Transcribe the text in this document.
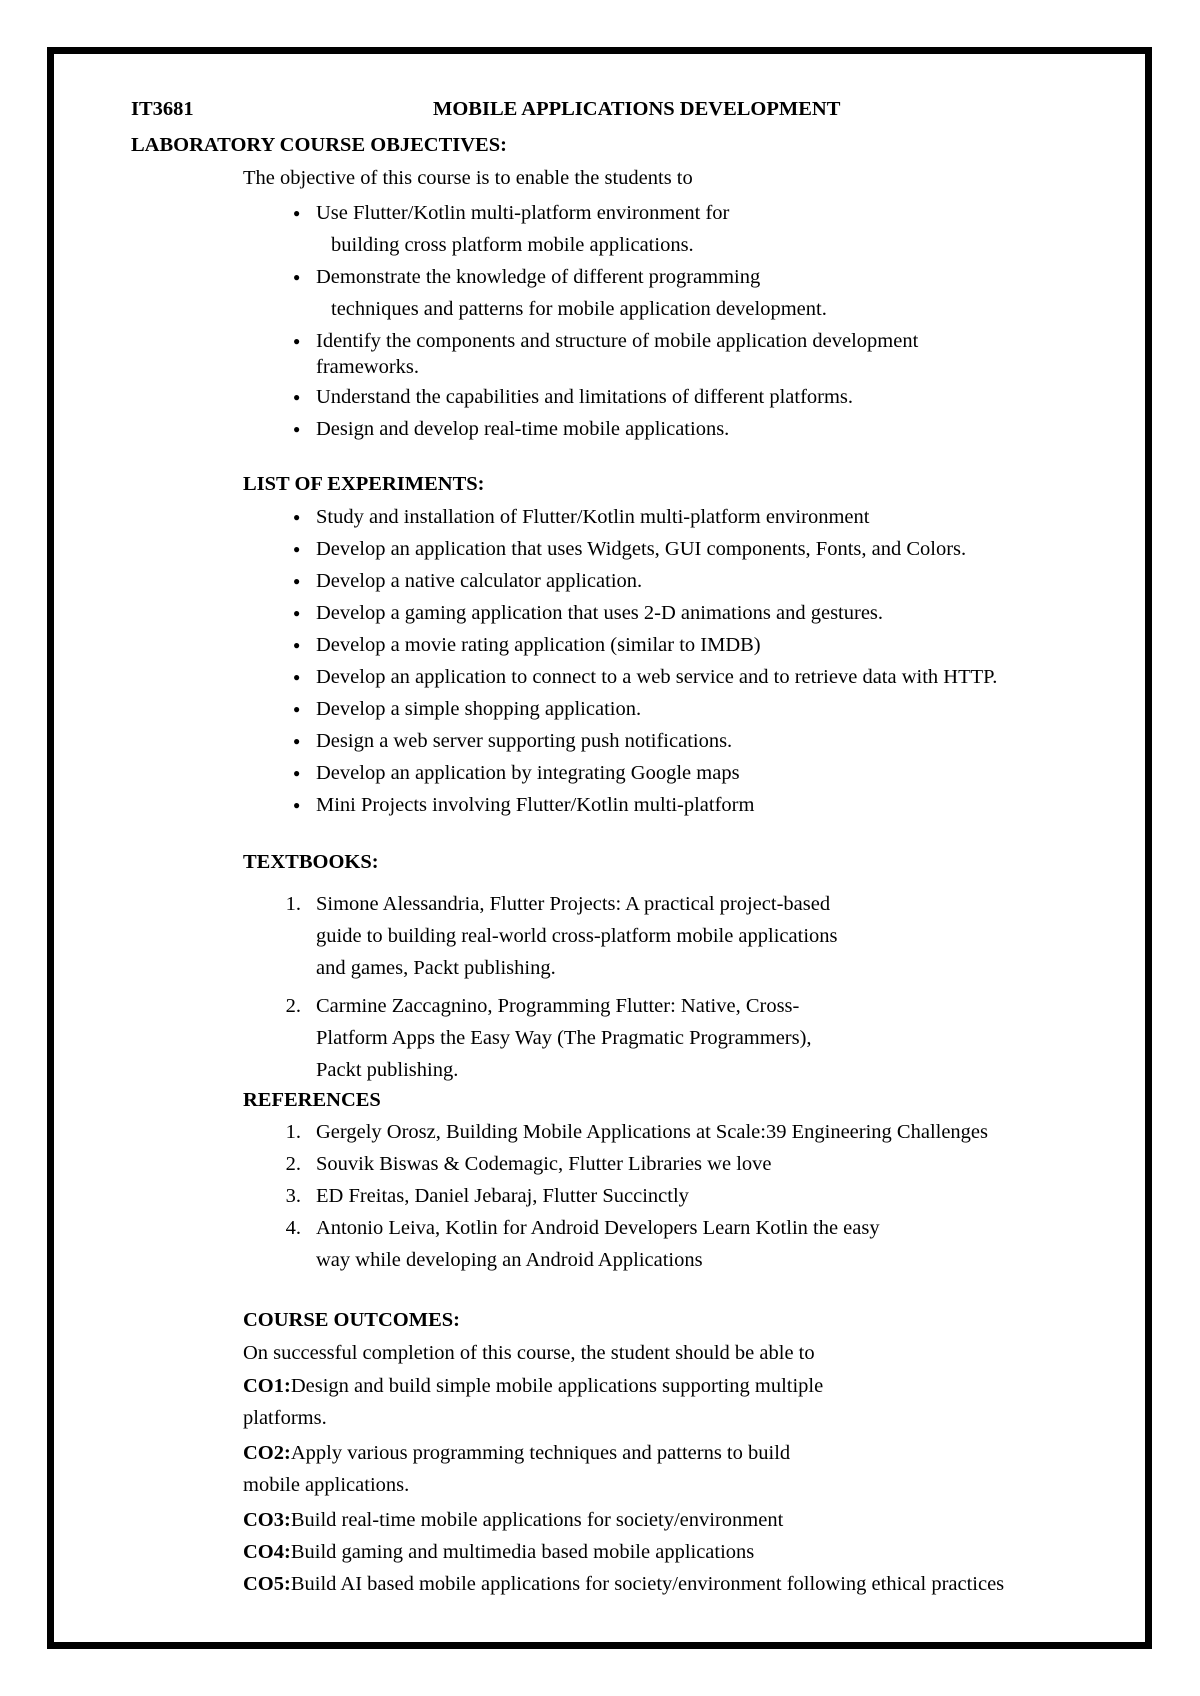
IT3681	MOBILE APPLICATIONS DEVELOPMENT
LABORATORY COURSE OBJECTIVES:
The objective of this course is to enable the students to
● Use Flutter/Kotlin multi-platform environment for
building cross platform mobile applications.
● Demonstrate the knowledge of different programming
techniques and patterns for mobile application development.
● Identify the components and structure of mobile application development
frameworks.
● Understand the capabilities and limitations of different platforms.
● Design and develop real-time mobile applications.
LIST OF EXPERIMENTS:
TEXTBOOKS:
REFERENCES
COURSE OUTCOMES:
On successful completion of this course, the student should be able to
● Study and installation of Flutter/Kotlin multi-platform environment
● Develop an application that uses Widgets, GUI components, Fonts, and Colors.
● Develop a native calculator application.
● Develop a gaming application that uses 2-D animations and gestures.
● Develop a movie rating application (similar to IMDB)
● Develop an application to connect to a web service and to retrieve data with HTTP.
● Develop a simple shopping application.
● Design a web server supporting push notifications.
● Develop an application by integrating Google maps
● Mini Projects involving Flutter/Kotlin multi-platform
1. Simone Alessandria, Flutter Projects: A practical project-based
guide to building real-world cross-platform mobile applications
and games, Packt publishing.
2. Carmine Zaccagnino, Programming Flutter: Native, Cross-
Platform Apps the Easy Way (The Pragmatic Programmers),
Packt publishing.
1. Gergely Orosz, Building Mobile Applications at Scale:39 Engineering Challenges
2. Souvik Biswas & Codemagic, Flutter Libraries we love
3. ED Freitas, Daniel Jebaraj, Flutter Succinctly
4. Antonio Leiva, Kotlin for Android Developers Learn Kotlin the easy
way while developing an Android Applications
CO1:Design and build simple mobile applications supporting multiple
platforms.
CO2:Apply various programming techniques and patterns to build
mobile applications.
CO3:Build real-time mobile applications for society/environment
CO4:Build gaming and multimedia based mobile applications
CO5:Build AI based mobile applications for society/environment following ethical practices
